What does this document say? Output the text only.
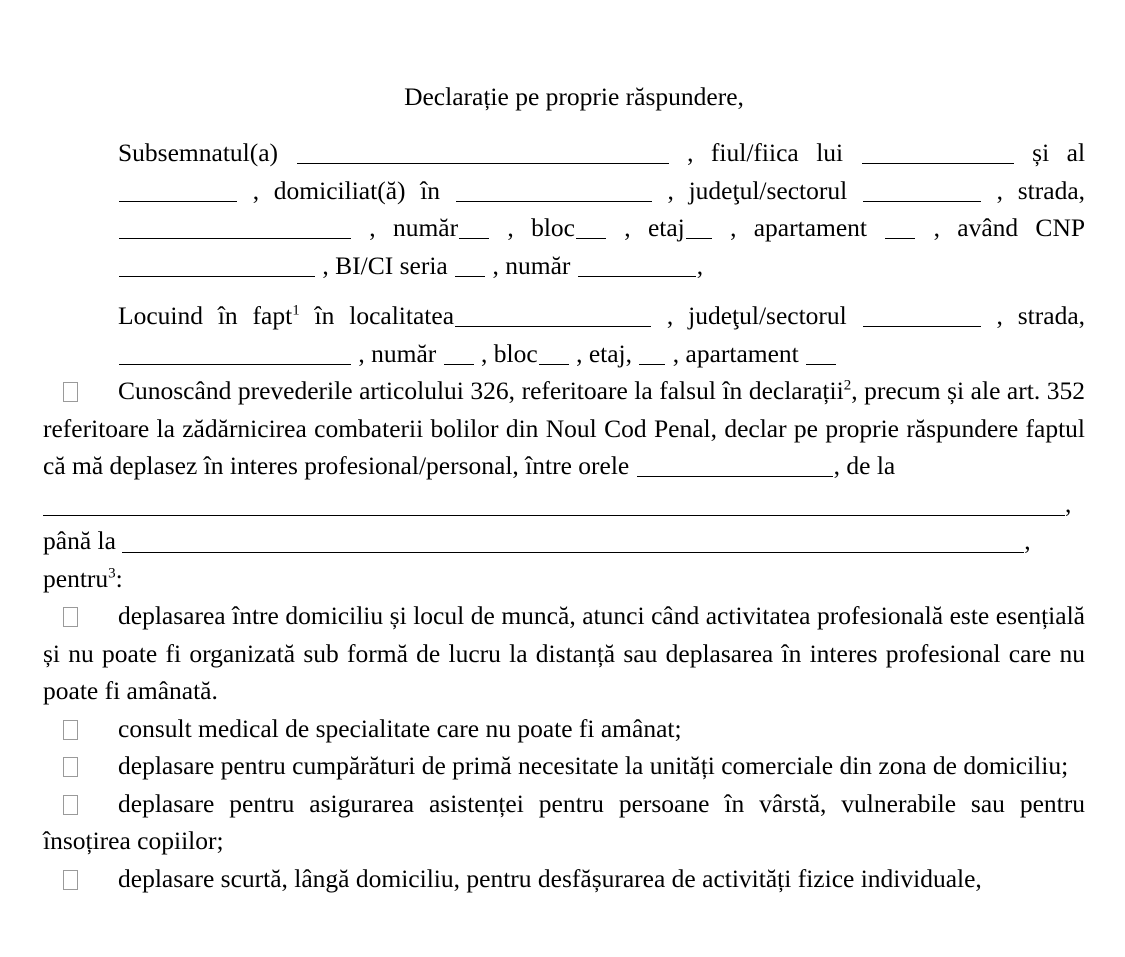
Declarație pe proprie răspundere,
Subsemnatul(a)	, fiul/fiica lui	și al
, domiciliat(ă) în	, judeţul/sectorul	, strada,
, număr , bloc , etaj , apartament	, având CNP
, BI/CI seria , număr	,
Locuind în fapt$^1$ în localitatea	, judeţul/sectorul	, strada,
, număr , bloc , etaj, , apartament
Cunoscând prevederile articolului 326, referitoare la falsul în declarații$^2$, precum și ale art. 352 referitoare la zădărnicirea combaterii bolilor din Noul Cod Penal, declar pe proprie răspundere faptul că mă deplasez în interes profesional/personal, între orele	, de la
,
până la	,
pentru$^3$:
deplasarea între domiciliu și locul de muncă, atunci când activitatea profesională este esențială și nu poate fi organizată sub formă de lucru la distanță sau deplasarea în interes profesional care nu poate fi amânată.
consult medical de specialitate care nu poate fi amânat;
deplasare pentru cumpărături de primă necesitate la unități comerciale din zona de domiciliu;
deplasare pentru asigurarea asistenței pentru persoane în vârstă, vulnerabile sau pentru însoțirea copiilor;
deplasare scurtă, lângă domiciliu, pentru desfășurarea de activități fizice individuale,
